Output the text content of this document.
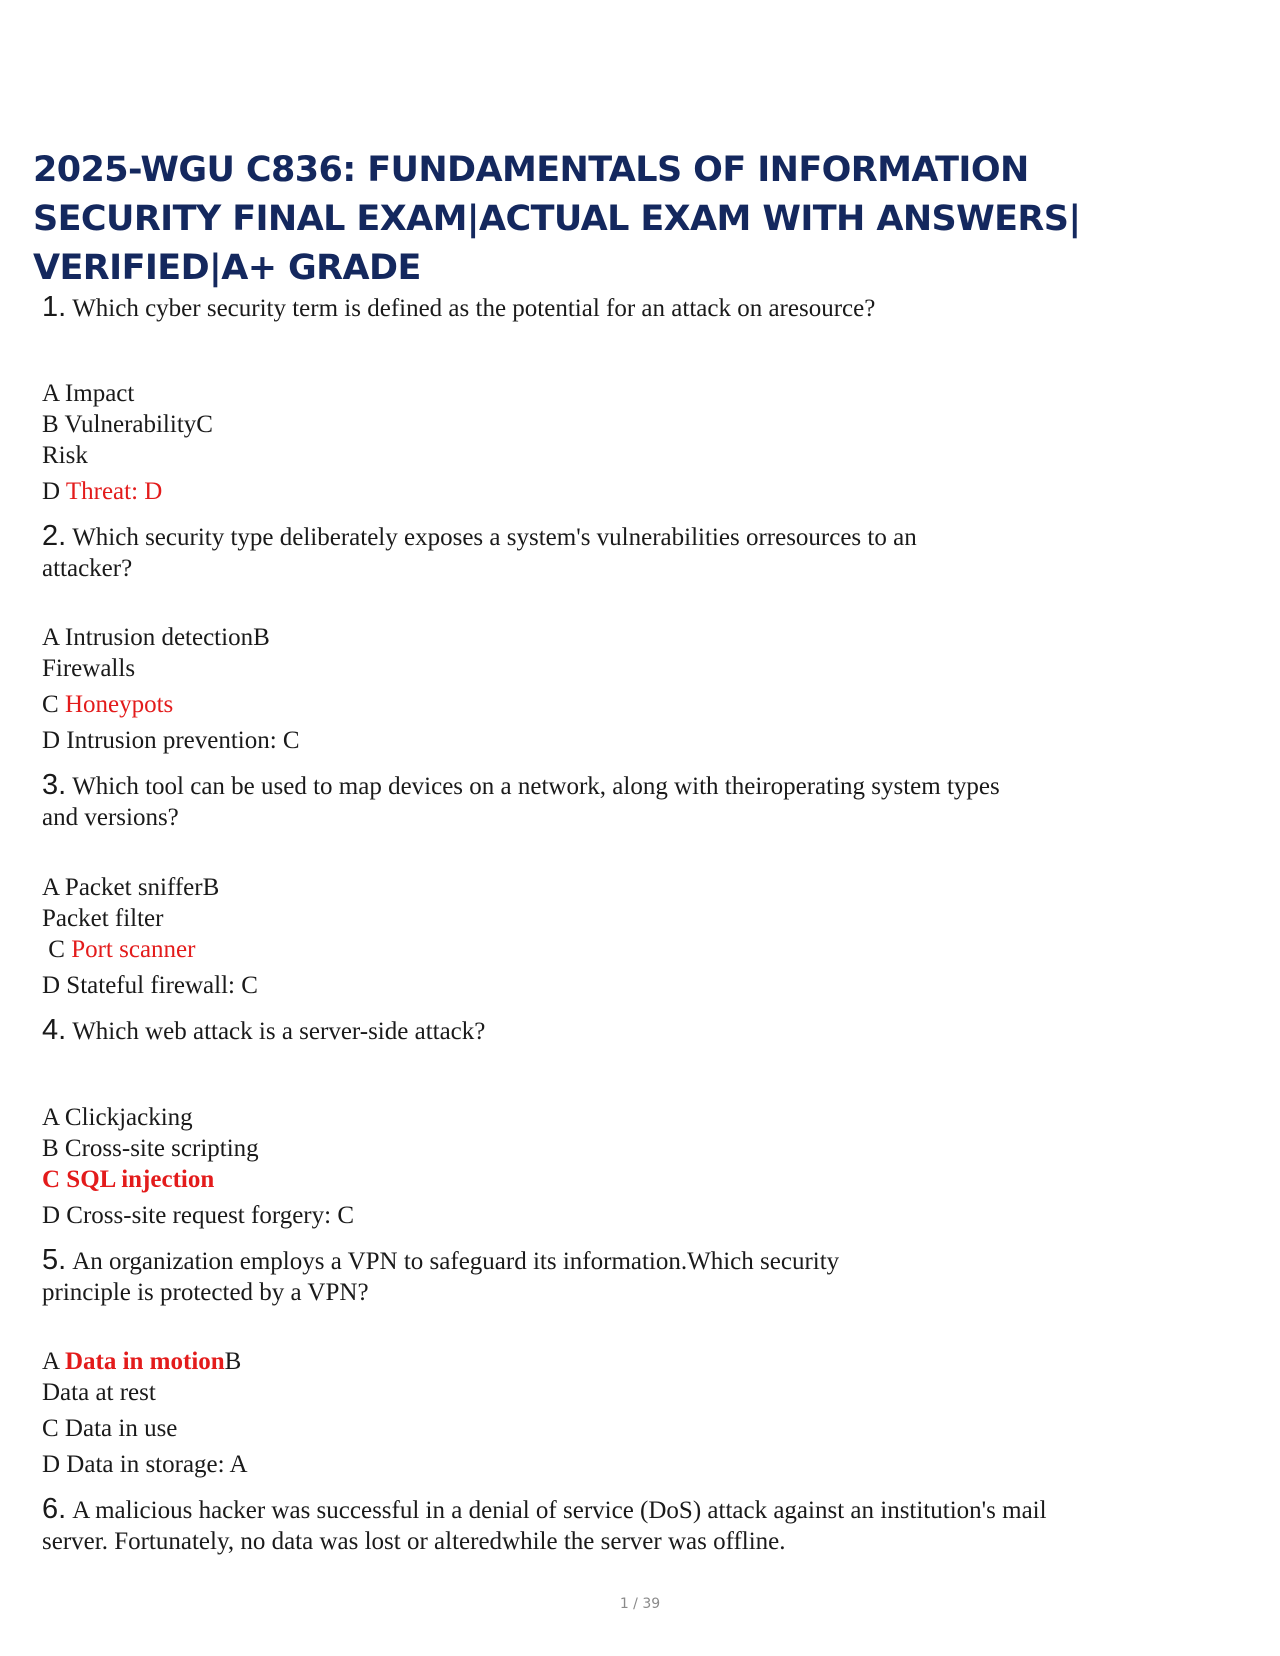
2025-WGU C836: FUNDAMENTALS OF INFORMATION
SECURITY FINAL EXAM|ACTUAL EXAM WITH ANSWERS|
VERIFIED|A+ GRADE
1. Which cyber security term is defined as the potential for an attack on aresource?
A Impact
B VulnerabilityC
Risk
D Threat: D
2. Which security type deliberately exposes a system's vulnerabilities orresources to an
attacker?
A Intrusion detectionB
Firewalls
C Honeypots
D Intrusion prevention: C
3. Which tool can be used to map devices on a network, along with theiroperating system types
and versions?
A Packet snifferB
Packet filter
C Port scanner
D Stateful firewall: C
4. Which web attack is a server-side attack?
A Clickjacking
B Cross-site scripting
C SQL injection
D Cross-site request forgery: C
5. An organization employs a VPN to safeguard its information.Which security
principle is protected by a VPN?
A Data in motionB
Data at rest
C Data in use
D Data in storage: A
6. A malicious hacker was successful in a denial of service (DoS) attack against an institution's mail
server. Fortunately, no data was lost or alteredwhile the server was offline.
1 / 39
